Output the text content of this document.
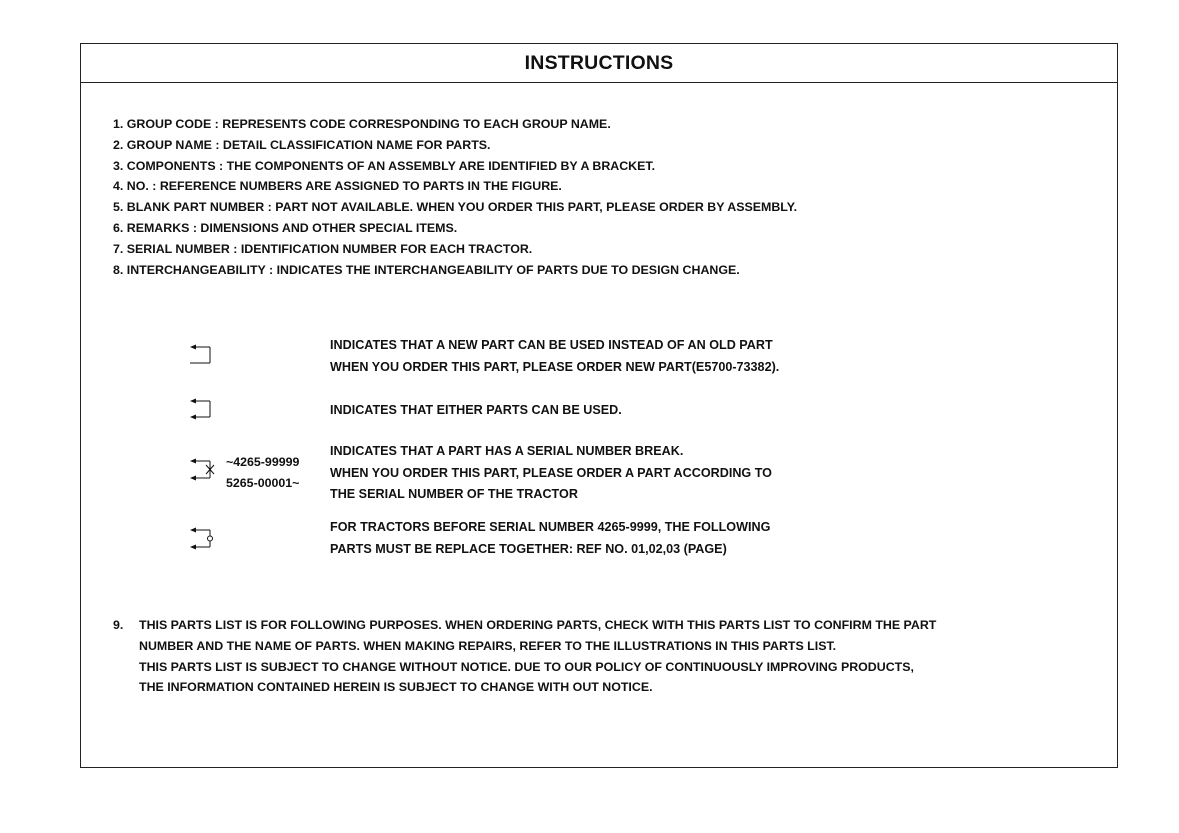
INSTRUCTIONS
1. GROUP CODE : REPRESENTS CODE CORRESPONDING TO EACH GROUP NAME.
2. GROUP NAME : DETAIL CLASSIFICATION NAME FOR PARTS.
3. COMPONENTS : THE COMPONENTS OF AN ASSEMBLY ARE IDENTIFIED BY A BRACKET.
4. NO. : REFERENCE NUMBERS ARE ASSIGNED TO PARTS IN THE FIGURE.
5. BLANK PART NUMBER : PART NOT AVAILABLE. WHEN YOU ORDER THIS PART, PLEASE ORDER BY ASSEMBLY.
6. REMARKS : DIMENSIONS AND OTHER SPECIAL ITEMS.
7. SERIAL NUMBER : IDENTIFICATION NUMBER FOR EACH TRACTOR.
8. INTERCHANGEABILITY : INDICATES THE INTERCHANGEABILITY OF PARTS DUE TO DESIGN CHANGE.
INDICATES THAT A NEW PART CAN BE USED INSTEAD OF AN OLD PART
WHEN YOU ORDER THIS PART, PLEASE ORDER NEW PART(E5700-73382).
INDICATES THAT EITHER PARTS CAN BE USED.
~4265-99999
5265-00001~
INDICATES THAT A PART HAS A SERIAL NUMBER BREAK.
WHEN YOU ORDER THIS PART, PLEASE ORDER A PART ACCORDING TO
THE SERIAL NUMBER OF THE TRACTOR
FOR TRACTORS BEFORE SERIAL NUMBER 4265-9999, THE FOLLOWING
PARTS MUST BE REPLACE TOGETHER: REF NO. 01,02,03 (PAGE)
9. THIS PARTS LIST IS FOR FOLLOWING PURPOSES. WHEN ORDERING PARTS, CHECK WITH THIS PARTS LIST TO CONFIRM THE PART
NUMBER AND THE NAME OF PARTS. WHEN MAKING REPAIRS, REFER TO THE ILLUSTRATIONS IN THIS PARTS LIST.
THIS PARTS LIST IS SUBJECT TO CHANGE WITHOUT NOTICE. DUE TO OUR POLICY OF CONTINUOUSLY IMPROVING PRODUCTS,
THE INFORMATION CONTAINED HEREIN IS SUBJECT TO CHANGE WITH OUT NOTICE.
